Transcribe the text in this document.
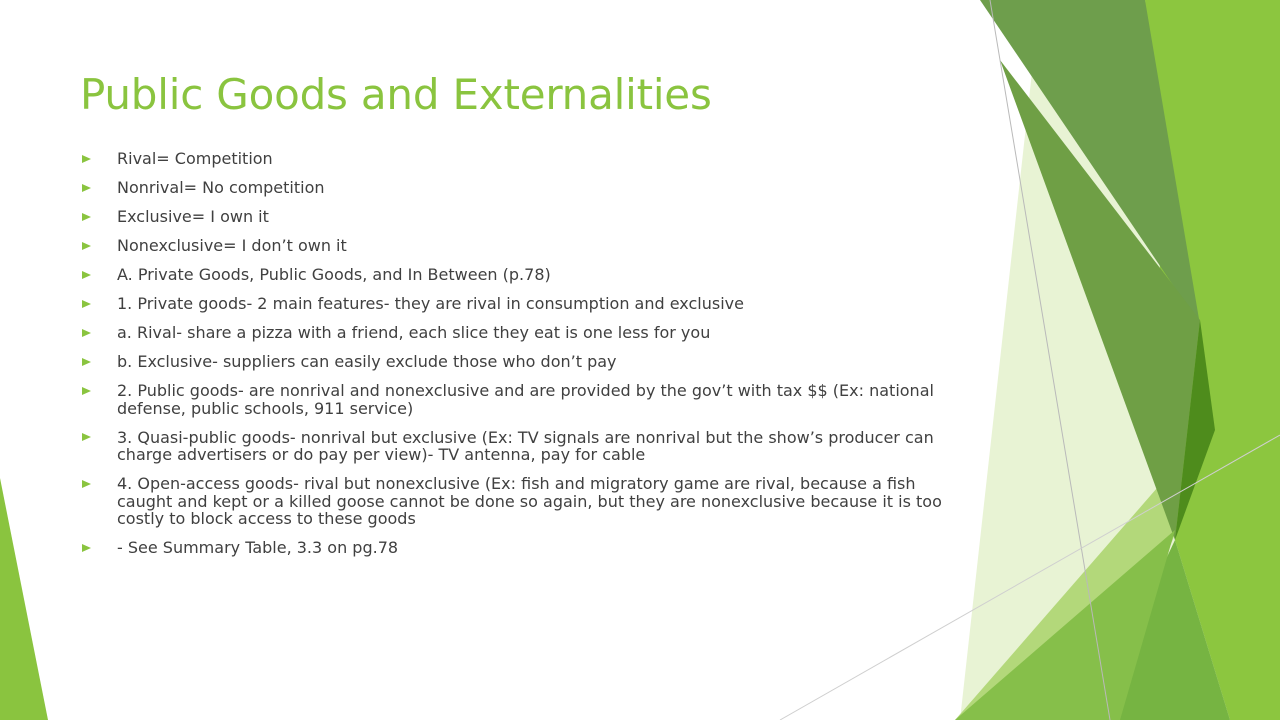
Public Goods and Externalities
Rival= Competition
Nonrival= No competition
Exclusive= I own it
Nonexclusive= I don’t own it
A. Private Goods, Public Goods, and In Between (p.78)
1. Private goods- 2 main features- they are rival in consumption and exclusive
a. Rival- share a pizza with a friend, each slice they eat is one less for you
b. Exclusive- suppliers can easily exclude those who don’t pay
2. Public goods- are nonrival and nonexclusive and are provided by the gov’t with tax $$ (Ex: national defense, public schools, 911 service)
3. Quasi-public goods- nonrival but exclusive (Ex: TV signals are nonrival but the show’s producer can charge advertisers or do pay per view)- TV antenna, pay for cable
4. Open-access goods- rival but nonexclusive (Ex: fish and migratory game are rival, because a fish caught and kept or a killed goose cannot be done so again, but they are nonexclusive because it is too costly to block access to these goods
- See Summary Table, 3.3 on pg.78
